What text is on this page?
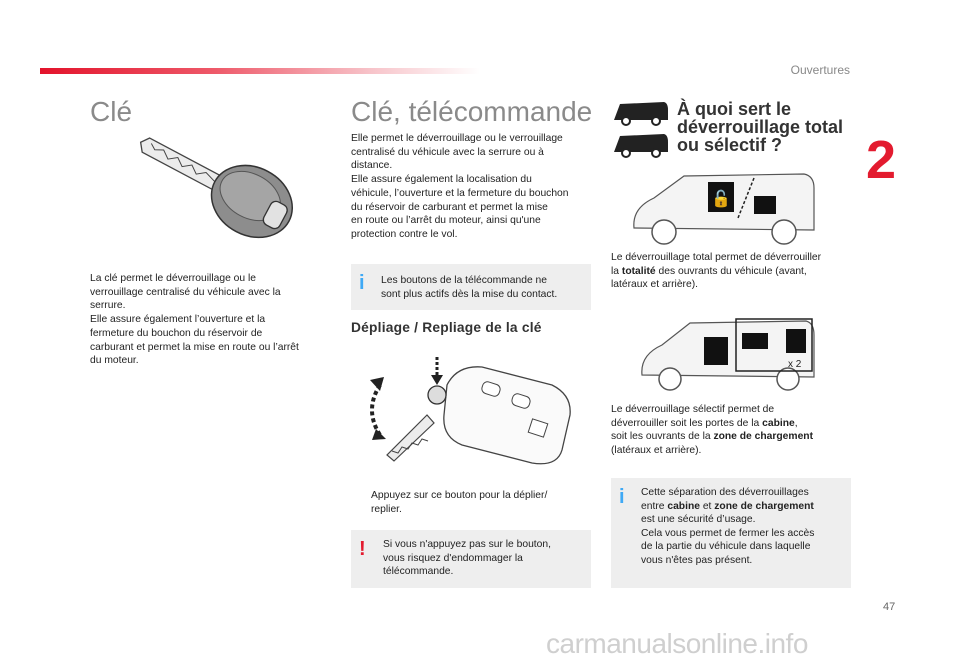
Ouvertures
2
47
Clé
La clé permet le déverrouillage ou le
verrouillage centralisé du véhicule avec la
serrure.
Elle assure également l’ouverture et la
fermeture du bouchon du réservoir de
carburant et permet la mise en route ou l’arrêt
du moteur.
Clé, télécommande
Elle permet le déverrouillage ou le verrouillage
centralisé du véhicule avec la serrure ou à
distance.
Elle assure également la localisation du
véhicule, l’ouverture et la fermeture du bouchon
du réservoir de carburant et permet la mise
en route ou l’arrêt du moteur, ainsi qu'une
protection contre le vol.
i Les boutons de la télécommande ne
sont plus actifs dès la mise du contact.
Dépliage / Repliage de la clé
Appuyez sur ce bouton pour la déplier/
replier.
! Si vous n'appuyez pas sur le bouton,
vous risquez d'endommager la
télécommande.
À quoi sert le
déverrouillage total
ou sélectif ?
🔓
Le déverrouillage total permet de déverrouiller
la totalité des ouvrants du véhicule (avant,
latéraux et arrière).
x 2
Le déverrouillage sélectif permet de
déverrouiller soit les portes de la cabine,
soit les ouvrants de la zone de chargement
(latéraux et arrière).
i Cette séparation des déverrouillages
entre cabine et zone de chargement
est une sécurité d’usage.
Cela vous permet de fermer les accès
de la partie du véhicule dans laquelle
vous n'êtes pas présent.
carmanualsonline.info
